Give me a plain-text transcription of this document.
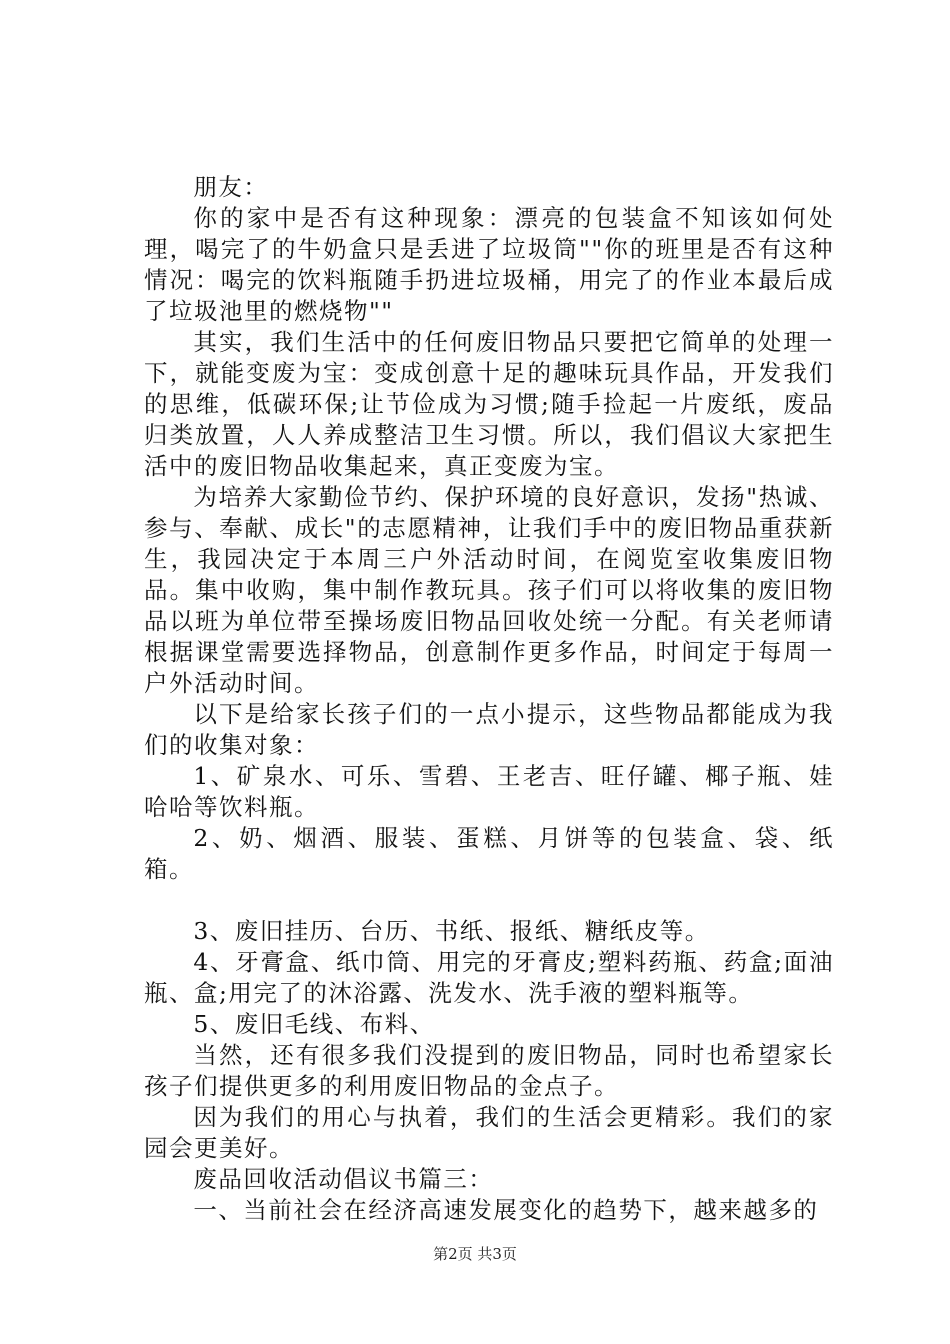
朋友：

你的家中是否有这种现象：漂亮的包装盒不知该如何处理，喝完了的牛奶盒只是丢进了垃圾筒""你的班里是否有这种情况：喝完的饮料瓶随手扔进垃圾桶，用完了的作业本最后成了垃圾池里的燃烧物""

其实，我们生活中的任何废旧物品只要把它简单的处理一下，就能变废为宝：变成创意十足的趣味玩具作品，开发我们的思维，低碳环保;让节俭成为习惯;随手捡起一片废纸，废品归类放置，人人养成整洁卫生习惯。所以，我们倡议大家把生活中的废旧物品收集起来，真正变废为宝。

为培养大家勤俭节约、保护环境的良好意识，发扬"热诚、参与、奉献、成长"的志愿精神，让我们手中的废旧物品重获新生，我园决定于本周三户外活动时间，在阅览室收集废旧物品。集中收购，集中制作教玩具。孩子们可以将收集的废旧物品以班为单位带至操场废旧物品回收处统一分配。有关老师请根据课堂需要选择物品，创意制作更多作品，时间定于每周一户外活动时间。

以下是给家长孩子们的一点小提示，这些物品都能成为我们的收集对象：

1、矿泉水、可乐、雪碧、王老吉、旺仔罐、椰子瓶、娃哈哈等饮料瓶。

2、奶、烟酒、服装、蛋糕、月饼等的包装盒、袋、纸箱。

3、废旧挂历、台历、书纸、报纸、糖纸皮等。

4、牙膏盒、纸巾筒、用完的牙膏皮;塑料药瓶、药盒;面油瓶、盒;用完了的沐浴露、洗发水、洗手液的塑料瓶等。

5、废旧毛线、布料、

当然，还有很多我们没提到的废旧物品，同时也希望家长孩子们提供更多的利用废旧物品的金点子。

因为我们的用心与执着，我们的生活会更精彩。我们的家园会更美好。

废品回收活动倡议书篇三：

一、当前社会在经济高速发展变化的趋势下，越来越多的

第2页 共3页
